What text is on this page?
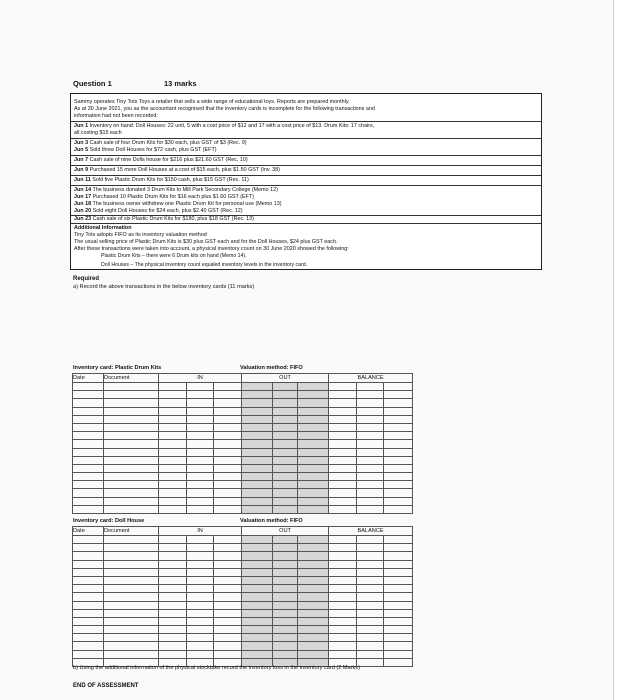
Question 1	13 marks
Sammy operates Tiny Tots Toys a retailer that sells a wide range of educational toys. Reports are prepared monthly.
As at 30 June 2021, you as the accountant recognised that the inventory cards is incomplete for the following transactions and
information had not been recorded:
Jun 1 Inventory on hand: Doll Houses: 22 unit, 5 with a cost price of $12 and 17 with a cost price of $13. Drum Kits: 17 chairs,
all costing $15 each
Jun 3 Cash sale of four Drum Kits for $30 each, plus GST of $3 (Rec. 9)
Jun 5 Sold three Doll Houses for $72 cash, plus GST (EFT)
Jun 7 Cash sale of nine Dolls house for $216 plus $21.60 GST (Rec. 10)
Jun 9 Purchased 15 more Doll Houses at a cost of $15 each, plus $1.50 GST (Inv. 38)
Jun 11 Sold five Plastic Drum Kits for $150 cash, plus $15 GST (Rec. 11)
Jun 14 The business donated 3 Drum Kits to Mill Park Secondary College (Memo 12)
Jun 17 Purchased 10 Plastic Drum Kits for $16 each plus $1.60 GST (EFT)
Jun 18 The business owner withdrew one Plastic Drum Kit for personal use (Memo 13)
Jun 20 Sold eight Doll Houses for $24 each, plus $2.40 GST (Rec. 12)
Jun 23 Cash sale of six Plastic Drum Kits for $180, plus $18 GST (Rec. 13)
Additional Information
Tiny Tots adopts FIFO as its inventory valuation method
The usual selling price of Plastic Drum Kits is $30 plus GST each and for the Doll Houses, $24 plus GST each.
After these transactions were taken into account, a physical inventory count on 30 June 2020 showed the following:
Plastic Drum Kits – there were 6 Drum kits on hand (Memo 14).
Doll Houses – The physical inventory count equaled inventory levels in the inventory card.
Required
a) Record the above transactions in the below inventory cards (11 marks)
Inventory card: Plastic Drum Kits	Valuation method: FIFO
Date	Document	IN			OUT			BALANCE		

Inventory card: Doll House	Valuation method: FIFO
Date	Document	IN			OUT			BALANCE		

b) Using the additional information of the physical stocktake record the inventory loss in the inventory card (2 Marks)
END OF ASSESSMENT
